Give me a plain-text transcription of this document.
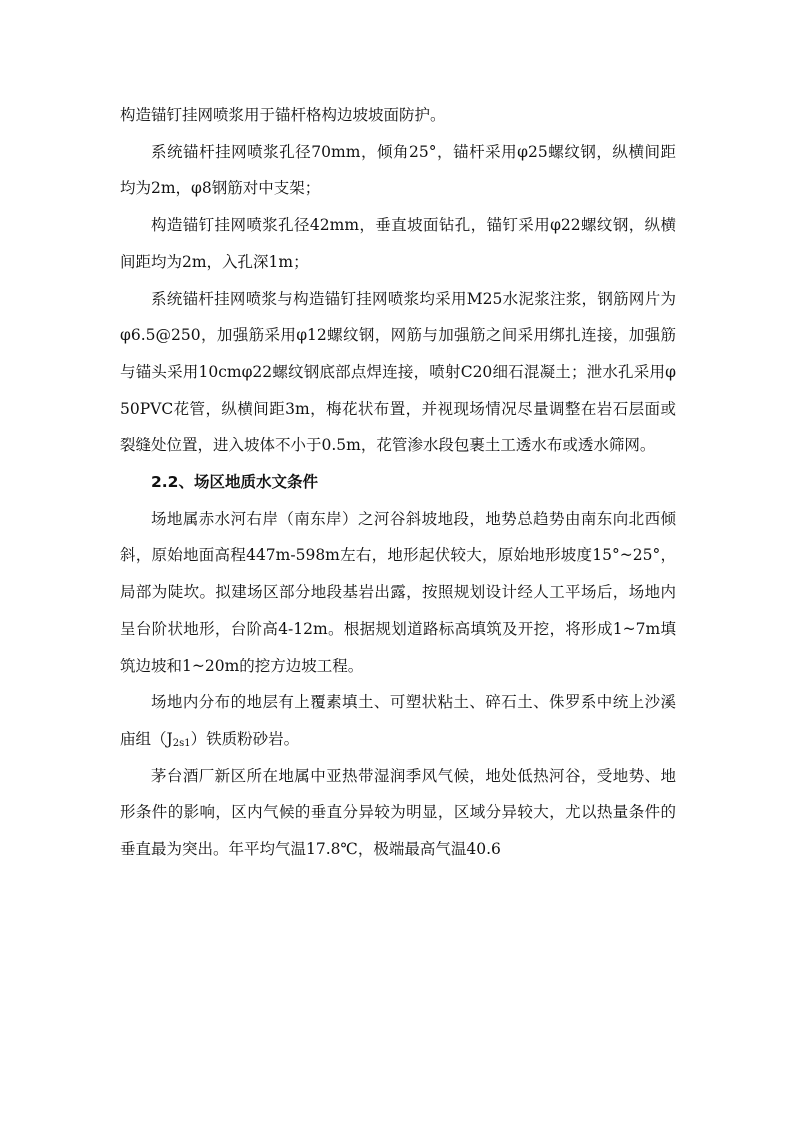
构造锚钉挂网喷浆用于锚杆格构边坡坡面防护。

系统锚杆挂网喷浆孔径70mm，倾角25°，锚杆采用φ25螺纹钢，纵横间距均为2m，φ8钢筋对中支架；

构造锚钉挂网喷浆孔径42mm，垂直坡面钻孔，锚钉采用φ22螺纹钢，纵横间距均为2m，入孔深1m；

系统锚杆挂网喷浆与构造锚钉挂网喷浆均采用M25水泥浆注浆，钢筋网片为φ6.5@250，加强筋采用φ12螺纹钢，网筋与加强筋之间采用绑扎连接，加强筋与锚头采用10cmφ22螺纹钢底部点焊连接，喷射C20细石混凝土；泄水孔采用φ50PVC花管，纵横间距3m，梅花状布置，并视现场情况尽量调整在岩石层面或裂缝处位置，进入坡体不小于0.5m，花管渗水段包裹土工透水布或透水筛网。

2.2、场区地质水文条件

场地属赤水河右岸（南东岸）之河谷斜坡地段，地势总趋势由南东向北西倾斜，原始地面高程447m-598m左右，地形起伏较大，原始地形坡度15°~25°，局部为陡坎。拟建场区部分地段基岩出露，按照规划设计经人工平场后，场地内呈台阶状地形，台阶高4-12m。根据规划道路标高填筑及开挖，将形成1~7m填筑边坡和1~20m的挖方边坡工程。

场地内分布的地层有上覆素填土、可塑状粘土、碎石土、侏罗系中统上沙溪庙组$(J_{2s1})$铁质粉砂岩。

茅台酒厂新区所在地属中亚热带湿润季风气候，地处低热河谷，受地势、地形条件的影响，区内气候的垂直分异较为明显，区域分异较大，尤以热量条件的垂直最为突出。年平均气温17.8℃，极端最高气温40.6
